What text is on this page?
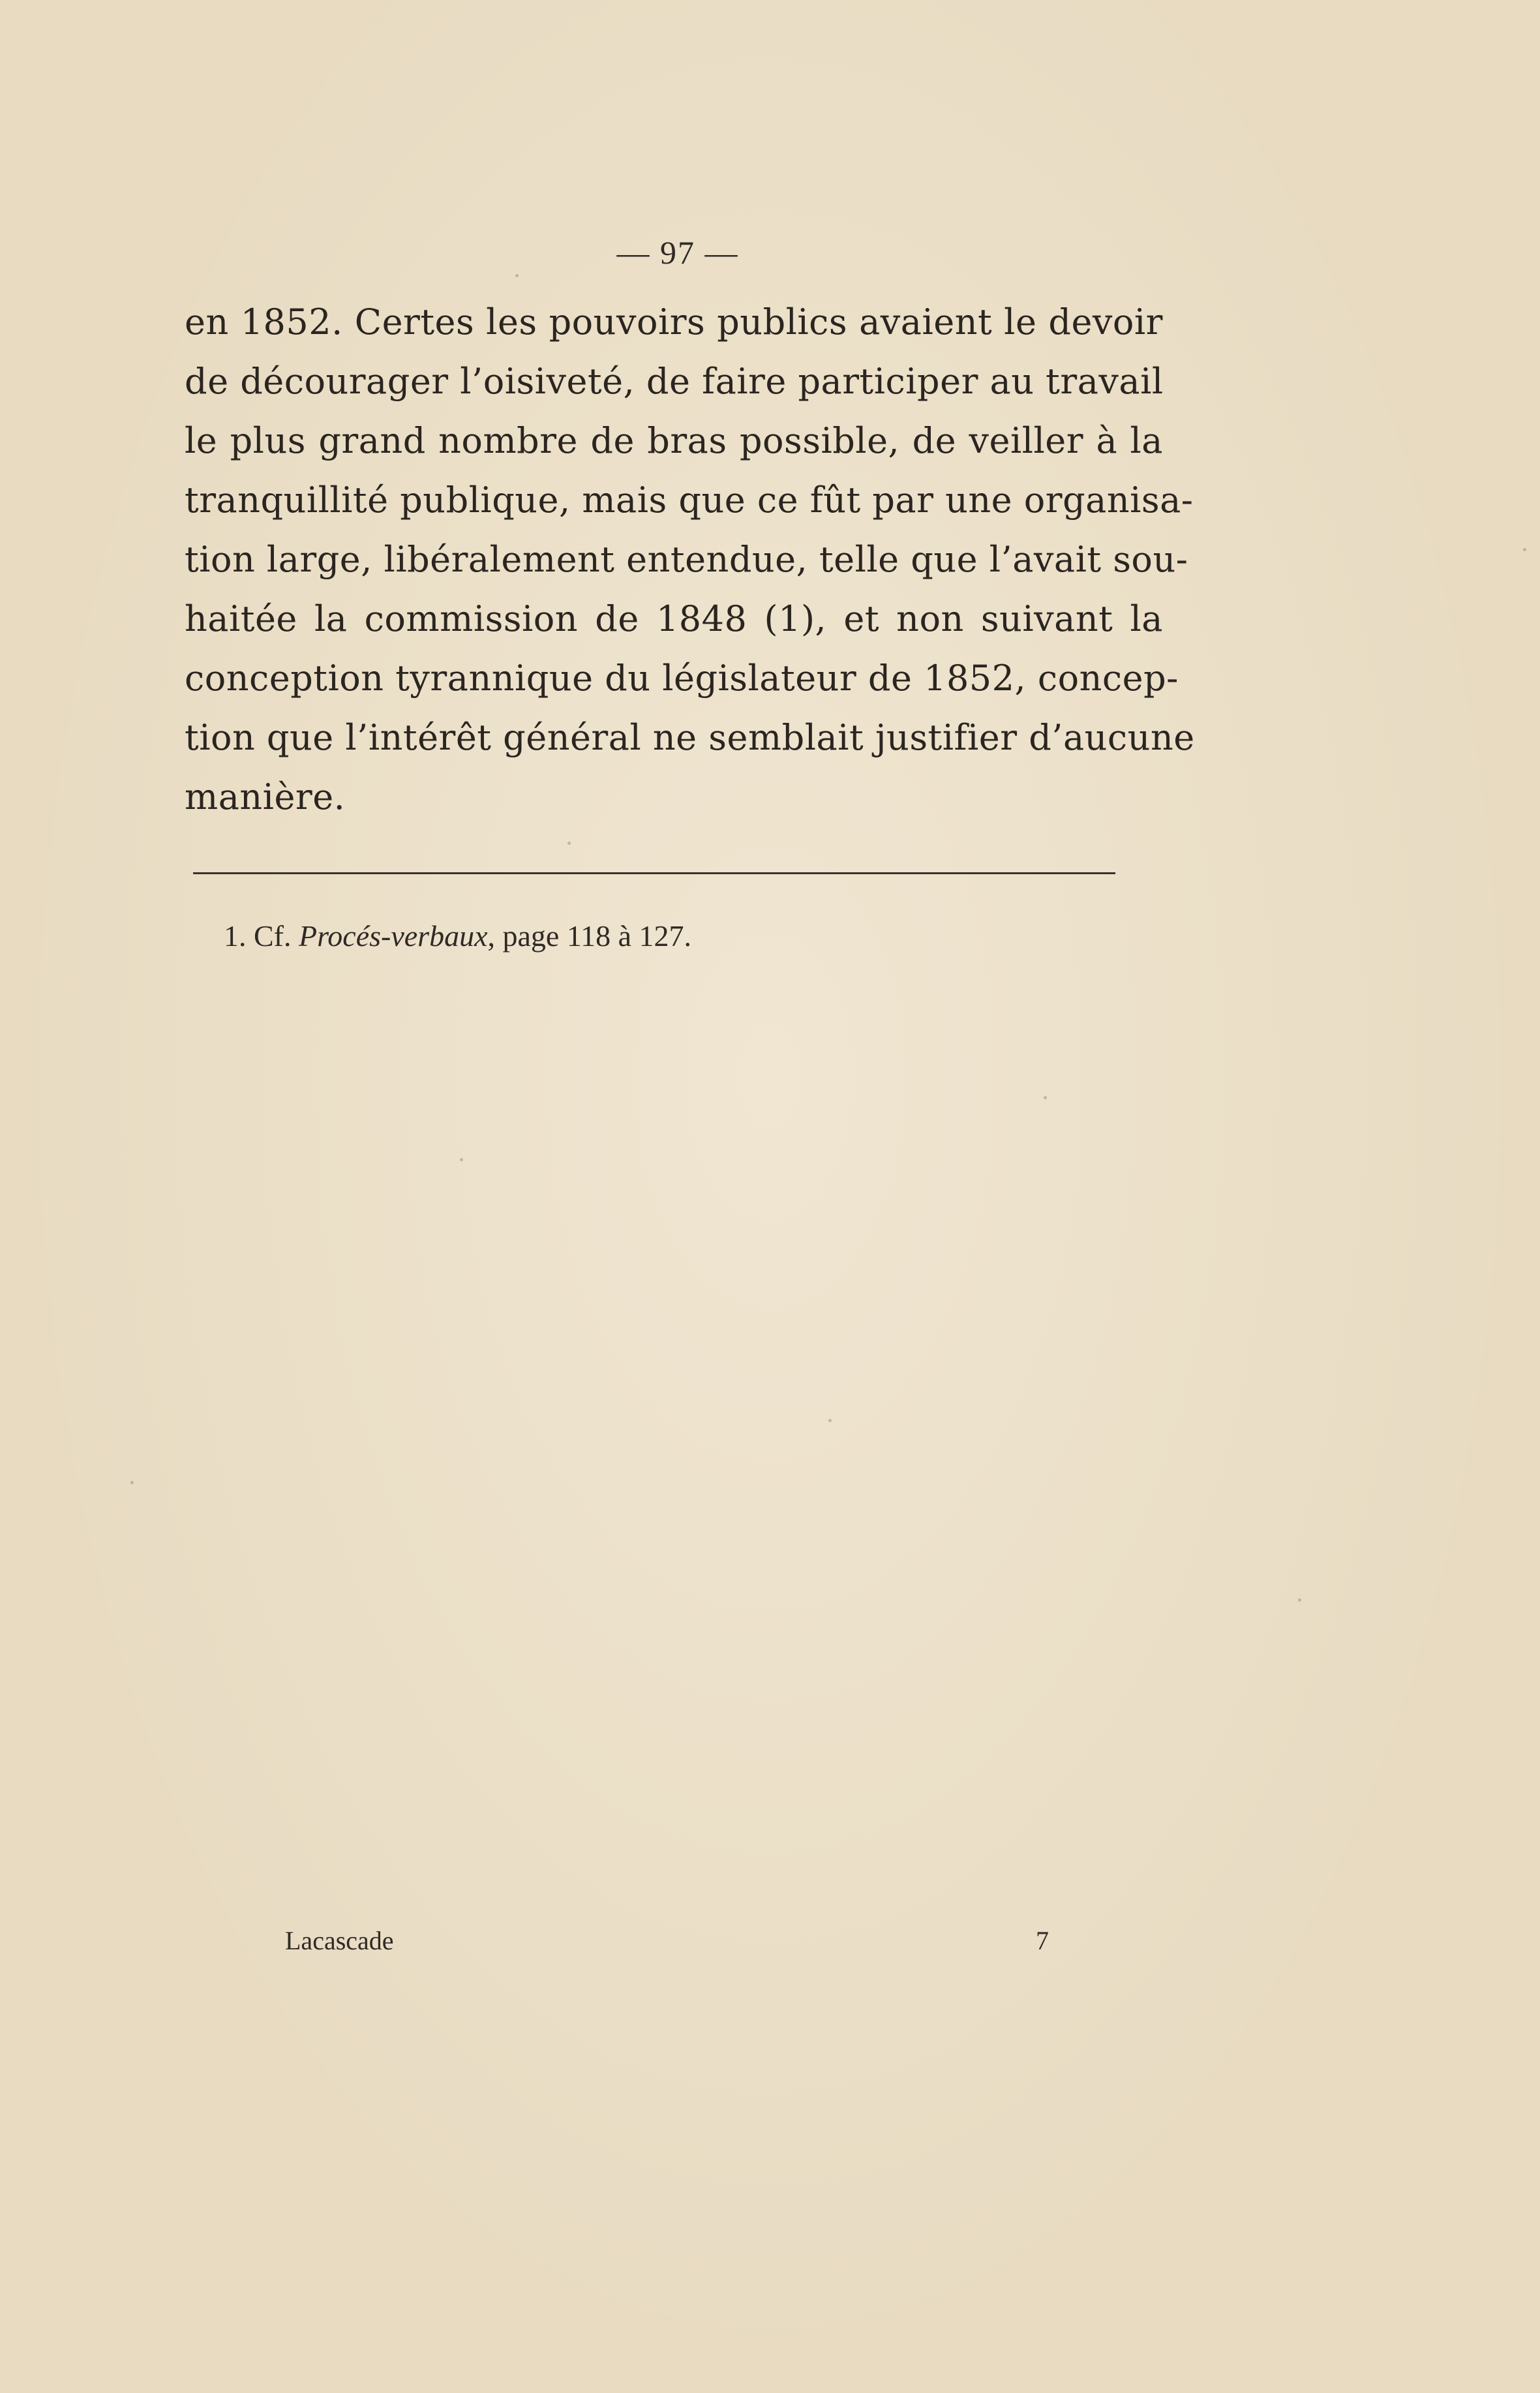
— 97 —
en 1852. Certes les pouvoirs publics avaient le devoir
de décourager l’oisiveté, de faire participer au travail
le plus grand nombre de bras possible, de veiller à la
tranquillité publique, mais que ce fût par une organisa-
tion large, libéralement entendue, telle que l’avait sou-
haitée la commission de 1848 (1), et non suivant la
conception tyrannique du législateur de 1852, concep-
tion que l’intérêt général ne semblait justifier d’aucune
manière.
1. Cf. Procés-verbaux, page 118 à 127.
Lacascade	7
